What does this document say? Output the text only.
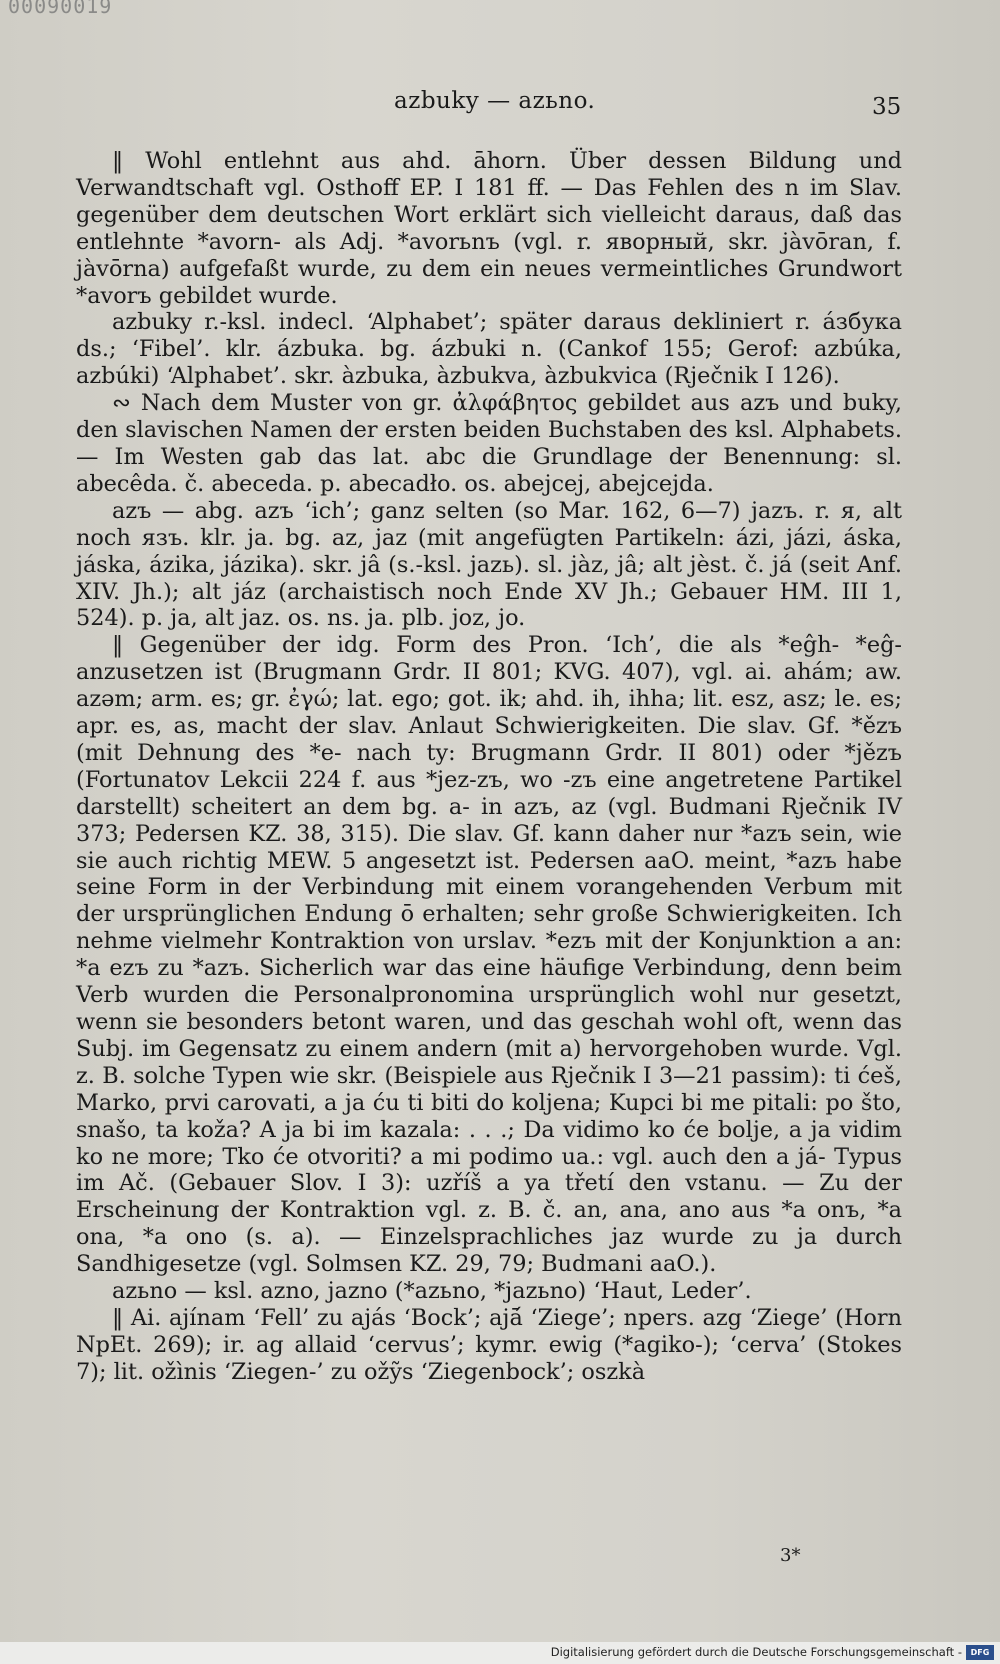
00090019
azbuky — azьno.	35

‖ Wohl entlehnt aus ahd. āhorn. Über dessen Bildung und Verwandtschaft vgl. Osthoff EP. I 181 ff. — Das Fehlen des n im Slav. gegenüber dem deutschen Wort erklärt sich vielleicht daraus, daß das entlehnte *avorn- als Adj. *avorьnъ (vgl. r. яворный, skr. jàvōran, f. jàvōrna) aufgefaßt wurde, zu dem ein neues vermeintliches Grundwort *avorъ gebildet wurde.

azbuky r.-ksl. indecl. ‘Alphabet’; später daraus dekliniert r. áзбука ds.; ‘Fibel’. klr. ázbuka. bg. ázbuki n. (Cankof 155; Gerof: azbúka, azbúki) ‘Alphabet’. skr. àzbuka, àzbukva, àzbukvica (Rječnik I 126).

∾ Nach dem Muster von gr. ἀλφάβητος gebildet aus azъ und buky, den slavischen Namen der ersten beiden Buchstaben des ksl. Alphabets. — Im Westen gab das lat. abc die Grundlage der Benennung: sl. abecêda. č. abeceda. p. abecadło. os. abejcej, abejcejda.

azъ — abg. azъ ‘ich’; ganz selten (so Mar. 162, 6—7) jazъ. r. я, alt noch язъ. klr. ja. bg. az, jaz (mit angefügten Partikeln: ázi, jázi, áska, jáska, ázika, jázika). skr. jâ (s.-ksl. jazь). sl. jàz, jâ; alt jèst. č. já (seit Anf. XIV. Jh.); alt jáz (archaistisch noch Ende XV Jh.; Gebauer HM. III 1, 524). p. ja, alt jaz. os. ns. ja. plb. joz, jo.

‖ Gegenüber der idg. Form des Pron. ‘Ich’, die als *eĝh- *eĝ- anzusetzen ist (Brugmann Grdr. II 801; KVG. 407), vgl. ai. ahám; aw. azəm; arm. es; gr. ἐγώ; lat. ego; got. ik; ahd. ih, ihha; lit. esz, asz; le. es; apr. es, as, macht der slav. Anlaut Schwierigkeiten. Die slav. Gf. *ězъ (mit Dehnung des *e- nach ty: Brugmann Grdr. II 801) oder *jězъ (Fortunatov Lekcii 224 f. aus *jez-zъ, wo -zъ eine angetretene Partikel darstellt) scheitert an dem bg. a- in azъ, az (vgl. Budmani Rječnik IV 373; Pedersen KZ. 38, 315). Die slav. Gf. kann daher nur *azъ sein, wie sie auch richtig MEW. 5 angesetzt ist. Pedersen aaO. meint, *azъ habe seine Form in der Verbindung mit einem vorangehenden Verbum mit der ursprünglichen Endung ō erhalten; sehr große Schwierigkeiten. Ich nehme vielmehr Kontraktion von urslav. *ezъ mit der Konjunktion a an: *a ezъ zu *azъ. Sicherlich war das eine häufige Verbindung, denn beim Verb wurden die Personalpronomina ursprünglich wohl nur gesetzt, wenn sie besonders betont waren, und das geschah wohl oft, wenn das Subj. im Gegensatz zu einem andern (mit a) hervorgehoben wurde. Vgl. z. B. solche Typen wie skr. (Beispiele aus Rječnik I 3—21 passim): ti ćeš, Marko, prvi carovati, a ja ću ti biti do koljena; Kupci bi me pitali: po što, snašo, ta koža? A ja bi im kazala: . . .; Da vidimo ko će bolje, a ja vidim ko ne more; Tko će otvoriti? a mi podimo ua.: vgl. auch den a já- Typus im Ač. (Gebauer Slov. I 3): uzříš a ya třetí den vstanu. — Zu der Erscheinung der Kontraktion vgl. z. B. č. an, ana, ano aus *a onъ, *a ona, *a ono (s. a). — Einzelsprachliches jaz wurde zu ja durch Sandhigesetze (vgl. Solmsen KZ. 29, 79; Budmani aaO.).

azьno — ksl. azno, jazno (*azьno, *jazьno) ‘Haut, Leder’.

‖ Ai. ajínam ‘Fell’ zu ajás ‘Bock’; ajā́ ‘Ziege’; npers. azg ‘Ziege’ (Horn NpEt. 269); ir. ag allaid ‘cervus’; kymr. ewig (*agikо-); ‘cerva’ (Stokes 7); lit. ožìnis ‘Ziegen-’ zu ožỹs ‘Ziegenbock’; oszkà

3*
Digitalisierung gefördert durch die Deutsche Forschungsgemeinschaft -	DFG
